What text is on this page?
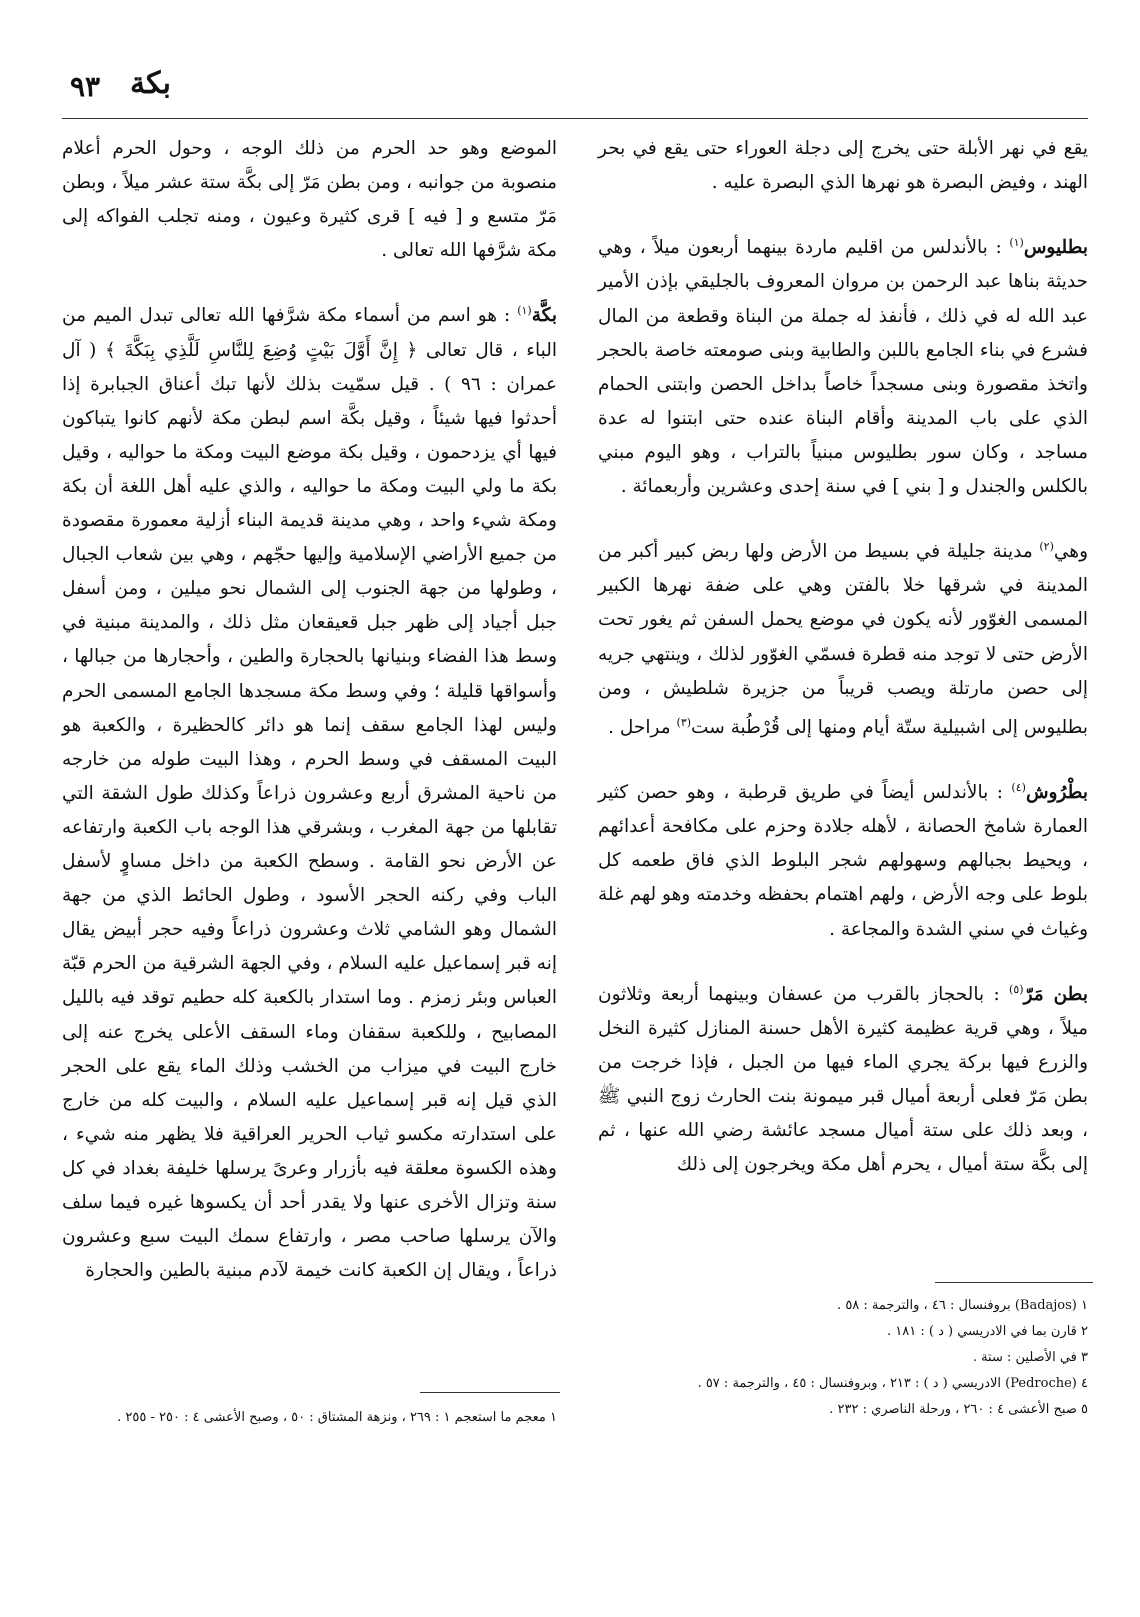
٩٣ بكة

يقع في نهر الأبلة حتى يخرج إلى دجلة العوراء حتى يقع في بحر الهند ، وفيض البصرة هو نهرها الذي البصرة عليه .

بطليوس$^{(١)}$ : بالأندلس من اقليم ماردة بينهما أربعون ميلاً ، وهي حديثة بناها عبد الرحمن بن مروان المعروف بالجليقي بإذن الأمير عبد الله له في ذلك ، فأنفذ له جملة من البناة وقطعة من المال فشرع في بناء الجامع باللبن والطابية وبنى صومعته خاصة بالحجر واتخذ مقصورة وبنى مسجداً خاصاً بداخل الحصن وابتنى الحمام الذي على باب المدينة وأقام البناة عنده حتى ابتنوا له عدة مساجد ، وكان سور بطليوس مبنياً بالتراب ، وهو اليوم مبني بالكلس والجندل و [ بني ] في سنة إحدى وعشرين وأربعمائة .

وهي$^{(٢)}$ مدينة جليلة في بسيط من الأرض ولها ربض كبير أكبر من المدينة في شرقها خلا بالفتن وهي على ضفة نهرها الكبير المسمى الغوّور لأنه يكون في موضع يحمل السفن ثم يغور تحت الأرض حتى لا توجد منه قطرة فسمّي الغوّور لذلك ، وينتهي جريه إلى حصن مارتلة ويصب قريباً من جزيرة شلطيش ، ومن بطليوس إلى اشبيلية ستّة أيام ومنها إلى قُرْطُبة ست$^{(٣)}$ مراحل .

بطْرُوش$^{(٤)}$ : بالأندلس أيضاً في طريق قرطبة ، وهو حصن كثير العمارة شامخ الحصانة ، لأهله جلادة وحزم على مكافحة أعدائهم ، ويحيط بجبالهم وسهولهم شجر البلوط الذي فاق طعمه كل بلوط على وجه الأرض ، ولهم اهتمام بحفظه وخدمته وهو لهم غلة وغياث في سني الشدة والمجاعة .

بطن مَرّ$^{(٥)}$ : بالحجاز بالقرب من عسفان وبينهما أربعة وثلاثون ميلاً ، وهي قرية عظيمة كثيرة الأهل حسنة المنازل كثيرة النخل والزرع فيها بركة يجري الماء فيها من الجبل ، فإذا خرجت من بطن مَرّ فعلى أربعة أميال قبر ميمونة بنت الحارث زوج النبي ﷺ ، وبعد ذلك على ستة أميال مسجد عائشة رضي الله عنها ، ثم إلى بكَّة ستة أميال ، يحرم أهل مكة ويخرجون إلى ذلك

الموضع وهو حد الحرم من ذلك الوجه ، وحول الحرم أعلام منصوبة من جوانبه ، ومن بطن مَرّ إلى بكَّة ستة عشر ميلاً ، وبطن مَرّ متسع و [ فيه ] قرى كثيرة وعيون ، ومنه تجلب الفواكه إلى مكة شرَّفها الله تعالى .

بكَّة$^{(١)}$ : هو اسم من أسماء مكة شرَّفها الله تعالى تبدل الميم من الباء ، قال تعالى ﴿ إِنَّ أَوَّلَ بَيْتٍ وُضِعَ لِلنَّاسِ لَلَّذِي بِبَكَّةَ ﴾ ( آل عمران : ٩٦ ) . قيل سمّيت بذلك لأنها تبك أعناق الجبابرة إذا أحدثوا فيها شيئاً ، وقيل بكَّة اسم لبطن مكة لأنهم كانوا يتباكون فيها أي يزدحمون ، وقيل بكة موضع البيت ومكة ما حواليه ، وقيل بكة ما ولي البيت ومكة ما حواليه ، والذي عليه أهل اللغة أن بكة ومكة شيء واحد ، وهي مدينة قديمة البناء أزلية معمورة مقصودة من جميع الأراضي الإسلامية وإليها حجّهم ، وهي بين شعاب الجبال ، وطولها من جهة الجنوب إلى الشمال نحو ميلين ، ومن أسفل جبل أجياد إلى ظهر جبل قعيقعان مثل ذلك ، والمدينة مبنية في وسط هذا الفضاء وبنيانها بالحجارة والطين ، وأحجارها من جبالها ، وأسواقها قليلة ؛ وفي وسط مكة مسجدها الجامع المسمى الحرم وليس لهذا الجامع سقف إنما هو دائر كالحظيرة ، والكعبة هو البيت المسقف في وسط الحرم ، وهذا البيت طوله من خارجه من ناحية المشرق أربع وعشرون ذراعاً وكذلك طول الشقة التي تقابلها من جهة المغرب ، وبشرقي هذا الوجه باب الكعبة وارتفاعه عن الأرض نحو القامة . وسطح الكعبة من داخل مساوٍ لأسفل الباب وفي ركنه الحجر الأسود ، وطول الحائط الذي من جهة الشمال وهو الشامي ثلاث وعشرون ذراعاً وفيه حجر أبيض يقال إنه قبر إسماعيل عليه السلام ، وفي الجهة الشرقية من الحرم قبّة العباس وبئر زمزم . وما استدار بالكعبة كله حطيم توقد فيه بالليل المصابيح ، وللكعبة سقفان وماء السقف الأعلى يخرج عنه إلى خارج البيت في ميزاب من الخشب وذلك الماء يقع على الحجر الذي قيل إنه قبر إسماعيل عليه السلام ، والبيت كله من خارج على استدارته مكسو ثياب الحرير العراقية فلا يظهر منه شيء ، وهذه الكسوة معلقة فيه بأزرار وعرىً يرسلها خليفة بغداد في كل سنة وتزال الأخرى عنها ولا يقدر أحد أن يكسوها غيره فيما سلف والآن يرسلها صاحب مصر ، وارتفاع سمك البيت سبع وعشرون ذراعاً ، ويقال إن الكعبة كانت خيمة لآدم مبنية بالطين والحجارة

١ (Badajos) بروفنسال : ٤٦ ، والترجمة : ٥٨ .
٢ قارن بما في الادريسي ( د ) : ١٨١ .
٣ في الأصلين : ستة .
٤ (Pedroche) الادريسي ( د ) : ٢١٣ ، وبروفنسال : ٤٥ ، والترجمة : ٥٧ .
٥ صبح الأعشى ٤ : ٢٦٠ ، ورحلة الناصري : ٢٣٢ .
١ معجم ما استعجم ١ : ٢٦٩ ، ونزهة المشتاق : ٥٠ ، وصبح الأعشى ٤ : ٢٥٠ - ٢٥٥ .
